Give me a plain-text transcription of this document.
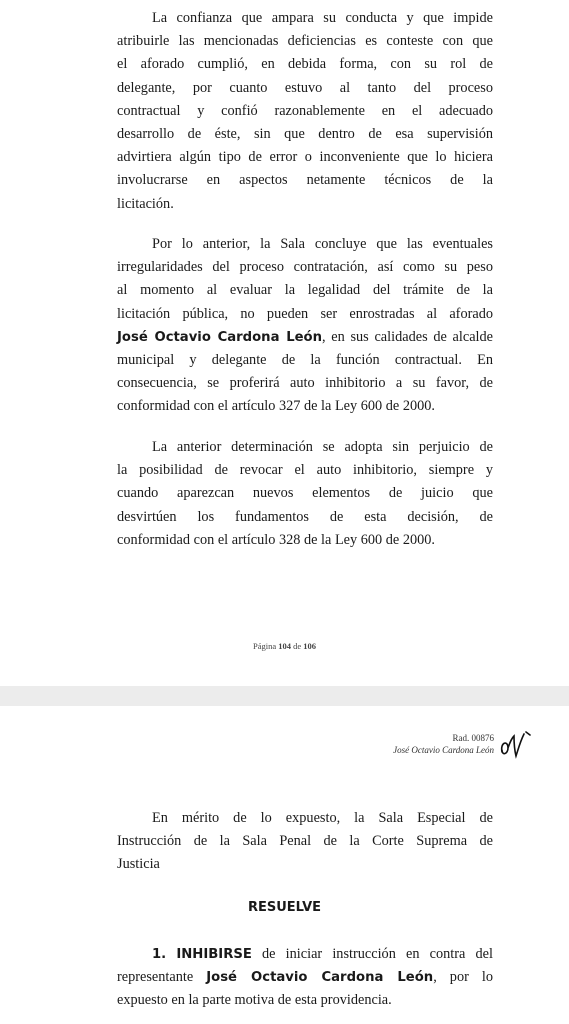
La confianza que ampara su conducta y que impide
atribuirle las mencionadas deficiencias es conteste con que
el aforado cumplió, en debida forma, con su rol de
delegante, por cuanto estuvo al tanto del proceso
contractual y confió razonablemente en el adecuado
desarrollo de éste, sin que dentro de esa supervisión
advirtiera algún tipo de error o inconveniente que lo hiciera
involucrarse en aspectos netamente técnicos de la
licitación.
Por lo anterior, la Sala concluye que las eventuales
irregularidades del proceso contratación, así como su peso
al momento al evaluar la legalidad del trámite de la
licitación pública, no pueden ser enrostradas al aforado
José Octavio Cardona León, en sus calidades de alcalde
municipal y delegante de la función contractual. En
consecuencia, se proferirá auto inhibitorio a su favor, de
conformidad con el artículo 327 de la Ley 600 de 2000.
La anterior determinación se adopta sin perjuicio de
la posibilidad de revocar el auto inhibitorio, siempre y
cuando aparezcan nuevos elementos de juicio que
desvirtúen los fundamentos de esta decisión, de
conformidad con el artículo 328 de la Ley 600 de 2000.
Página 104 de 106
Rad. 00876
José Octavio Cardona León
En mérito de lo expuesto, la Sala Especial de
Instrucción de la Sala Penal de la Corte Suprema de
Justicia
RESUELVE
1. INHIBIRSE de iniciar instrucción en contra del
representante José Octavio Cardona León, por lo
expuesto en la parte motiva de esta providencia.
